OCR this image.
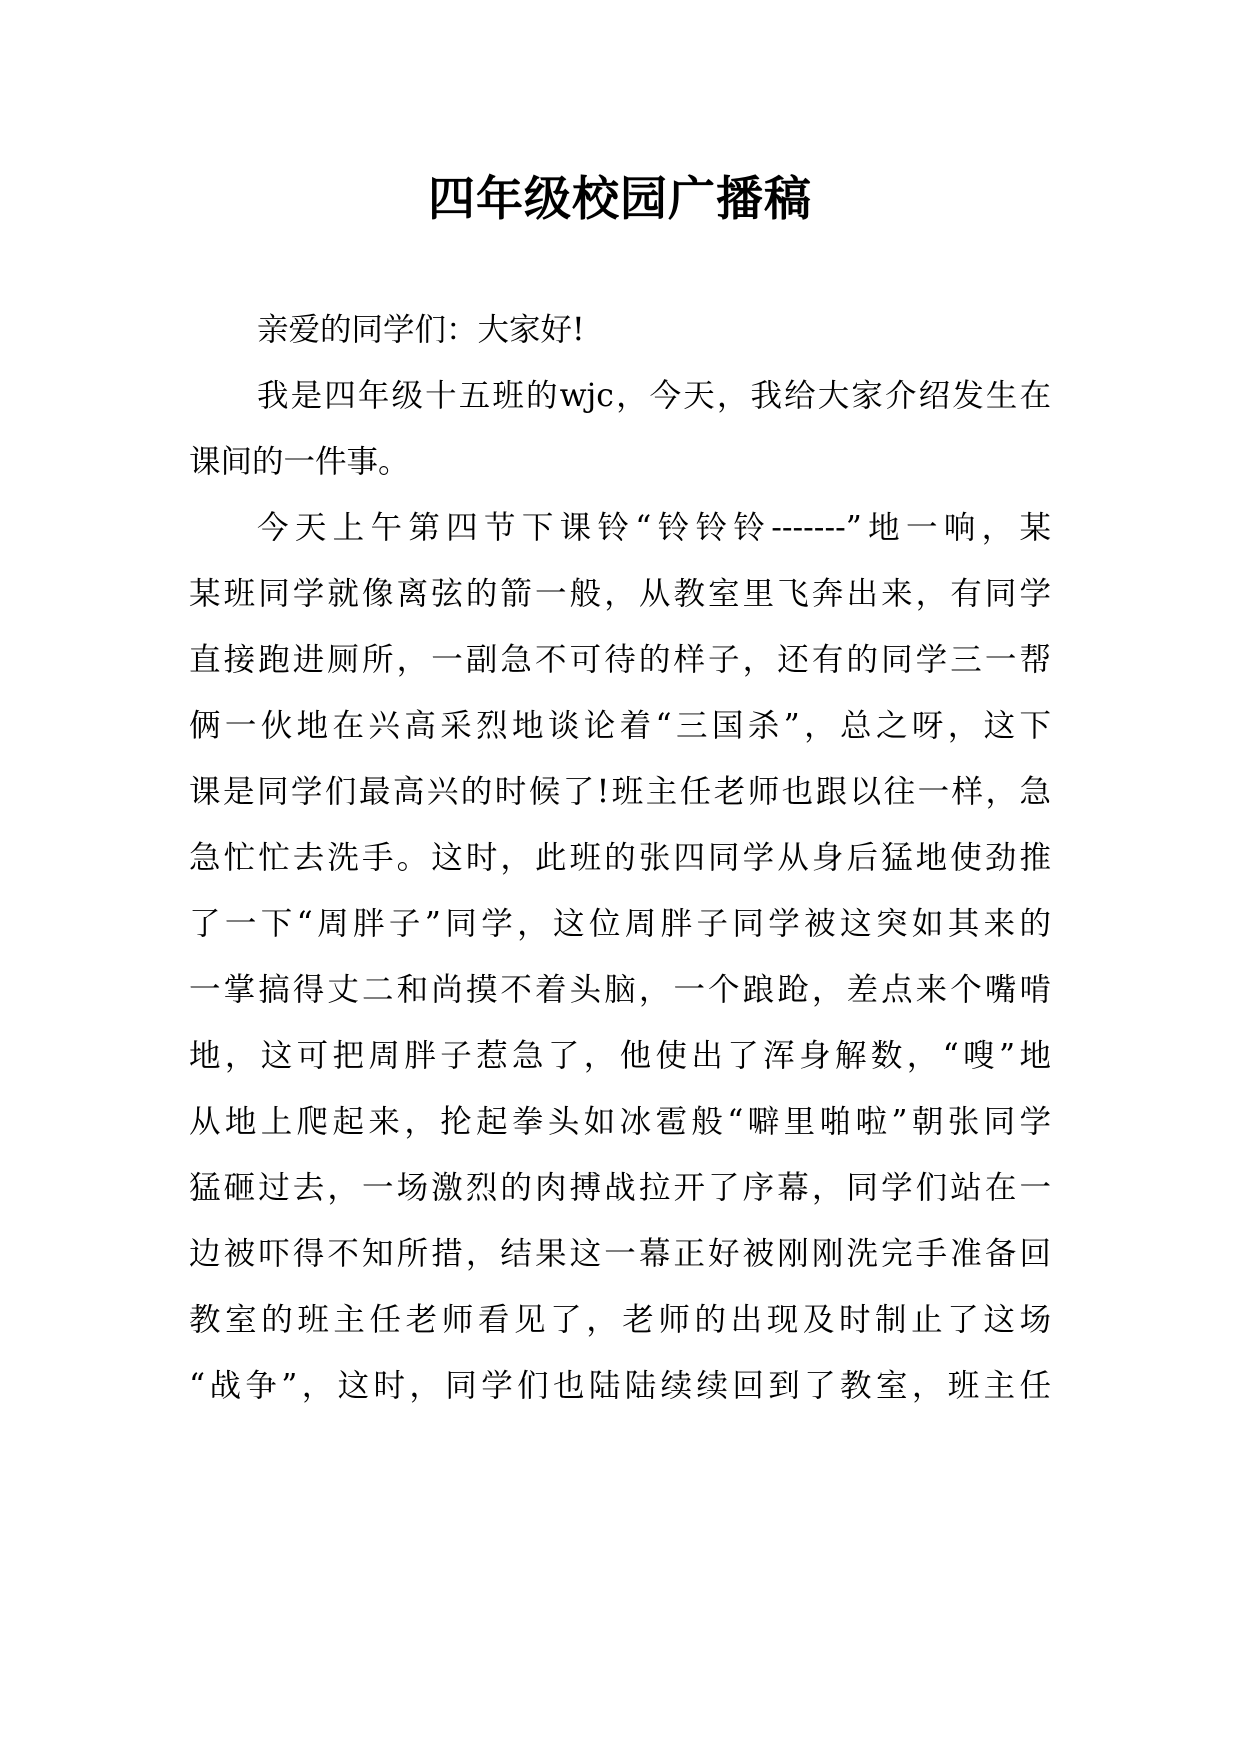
四年级校园广播稿

亲爱的同学们：大家好!

我是四年级十五班的wjc，今天，我给大家介绍发生在

课间的一件事。

今天上午第四节下课铃“铃铃铃-------”地一响，某

某班同学就像离弦的箭一般，从教室里飞奔出来，有同学

直接跑进厕所，一副急不可待的样子，还有的同学三一帮

俩一伙地在兴高采烈地谈论着“三国杀”，总之呀，这下

课是同学们最高兴的时候了!班主任老师也跟以往一样，急

急忙忙去洗手。这时，此班的张四同学从身后猛地使劲推

了一下“周胖子”同学，这位周胖子同学被这突如其来的

一掌搞得丈二和尚摸不着头脑，一个踉跄，差点来个嘴啃

地，这可把周胖子惹急了，他使出了浑身解数，“嗖”地

从地上爬起来，抡起拳头如冰雹般“噼里啪啦”朝张同学

猛砸过去，一场激烈的肉搏战拉开了序幕，同学们站在一

边被吓得不知所措，结果这一幕正好被刚刚洗完手准备回

教室的班主任老师看见了，老师的出现及时制止了这场

“战争”，这时，同学们也陆陆续续回到了教室，班主任
